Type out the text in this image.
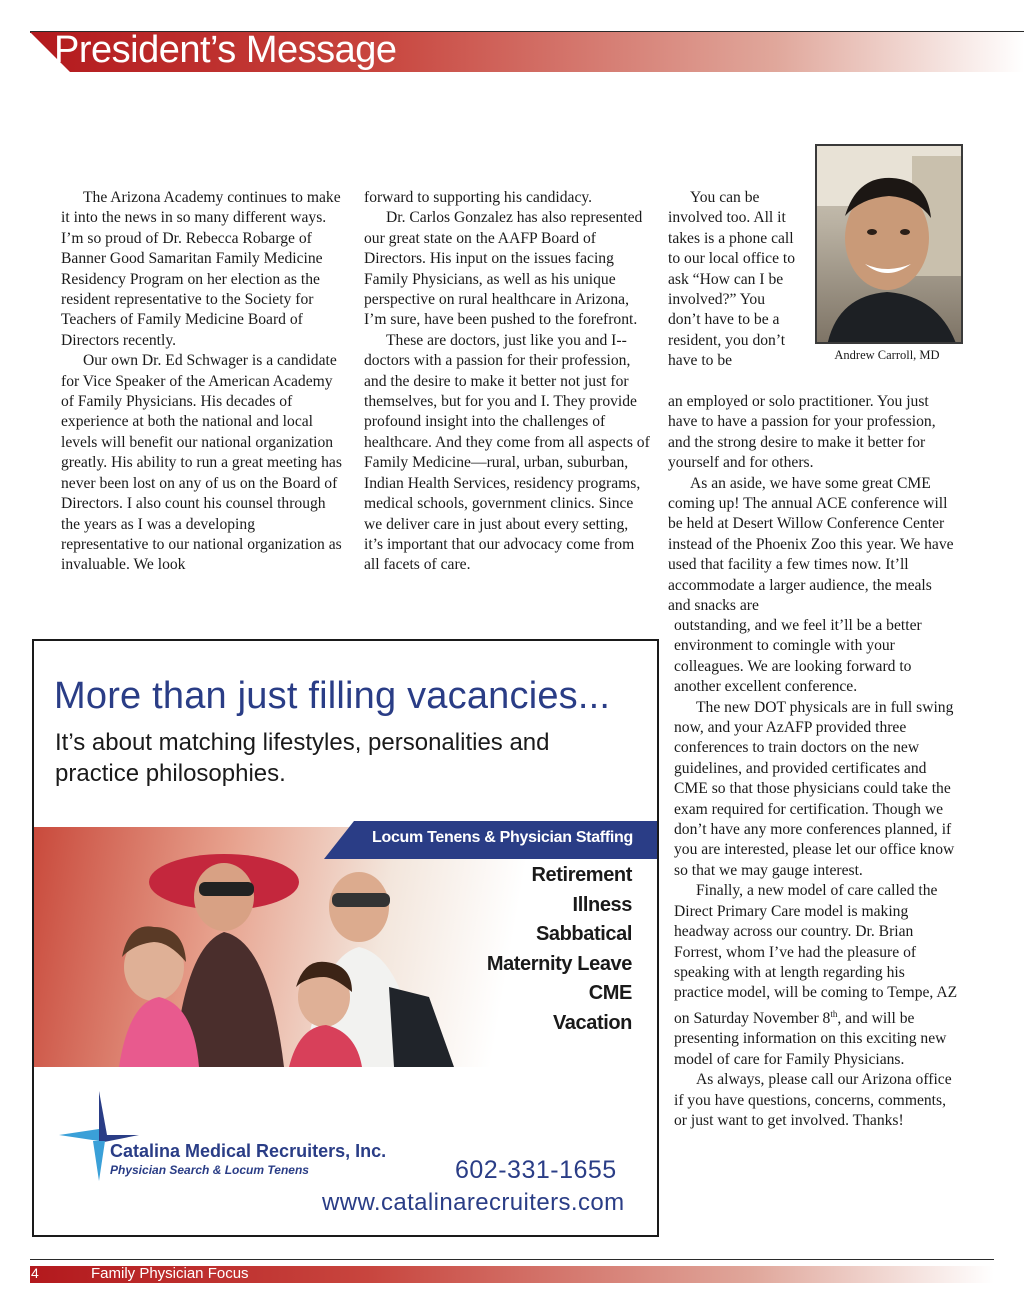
President’s Message

The Arizona Academy continues to make it into the news in so many different ways. I’m so proud of Dr. Rebecca Robarge of Banner Good Samaritan Family Medicine Residency Program on her election as the resident representative to the Society for Teachers of Family Medicine Board of Directors recently.

Our own Dr. Ed Schwager is a candidate for Vice Speaker of the American Academy of Family Physicians. His decades of experience at both the national and local levels will benefit our national organization greatly. His ability to run a great meeting has never been lost on any of us on the Board of Directors. I also count his counsel through the years as I was a developing representative to our national organization as invaluable. We look

forward to supporting his candidacy.

Dr. Carlos Gonzalez has also represented our great state on the AAFP Board of Directors. His input on the issues facing Family Physicians, as well as his unique perspective on rural healthcare in Arizona, I’m sure, have been pushed to the forefront.

These are doctors, just like you and I--doctors with a passion for their profession, and the desire to make it better not just for themselves, but for you and I. They provide profound insight into the challenges of healthcare. And they come from all aspects of Family Medicine—rural, urban, suburban, Indian Health Services, residency programs, medical schools, government clinics. Since we deliver care in just about every setting, it’s important that our advocacy come from all facets of care.

You can be involved too. All it takes is a phone call to our local office to ask “How can I be involved?” You don’t have to be a resident, you don’t have to be

an employed or solo practitioner. You just have to have a passion for your profession, and the strong desire to make it better for yourself and for others.

As an aside, we have some great CME coming up! The annual ACE conference will be held at Desert Willow Conference Center instead of the Phoenix Zoo this year. We have used that facility a few times now. It’ll accommodate a larger audience, the meals and snacks are

outstanding, and we feel it’ll be a better environment to comingle with your colleagues. We are looking forward to another excellent conference.

The new DOT physicals are in full swing now, and your AzAFP provided three conferences to train doctors on the new guidelines, and provided certificates and CME so that those physicians could take the exam required for certification. Though we don’t have any more conferences planned, if you are interested, please let our office know so that we may gauge interest.

Finally, a new model of care called the Direct Primary Care model is making headway across our country. Dr. Brian Forrest, whom I’ve had the pleasure of speaking with at length regarding his practice model, will be coming to Tempe, AZ on Saturday November 8th, and will be presenting information on this exciting new model of care for Family Physicians.

As always, please call our Arizona office if you have questions, concerns, comments, or just want to get involved. Thanks!

Andrew Carroll, MD
More than just filling vacancies...
It’s about matching lifestyles, personalities and practice philosophies.
Locum Tenens & Physician Staffing
Retirement
Illness
Sabbatical
Maternity Leave
CME
Vacation
Catalina Medical Recruiters, Inc.
Physician Search & Locum Tenens	602-331-1655
www.catalinarecruiters.com
4	Family Physician Focus
